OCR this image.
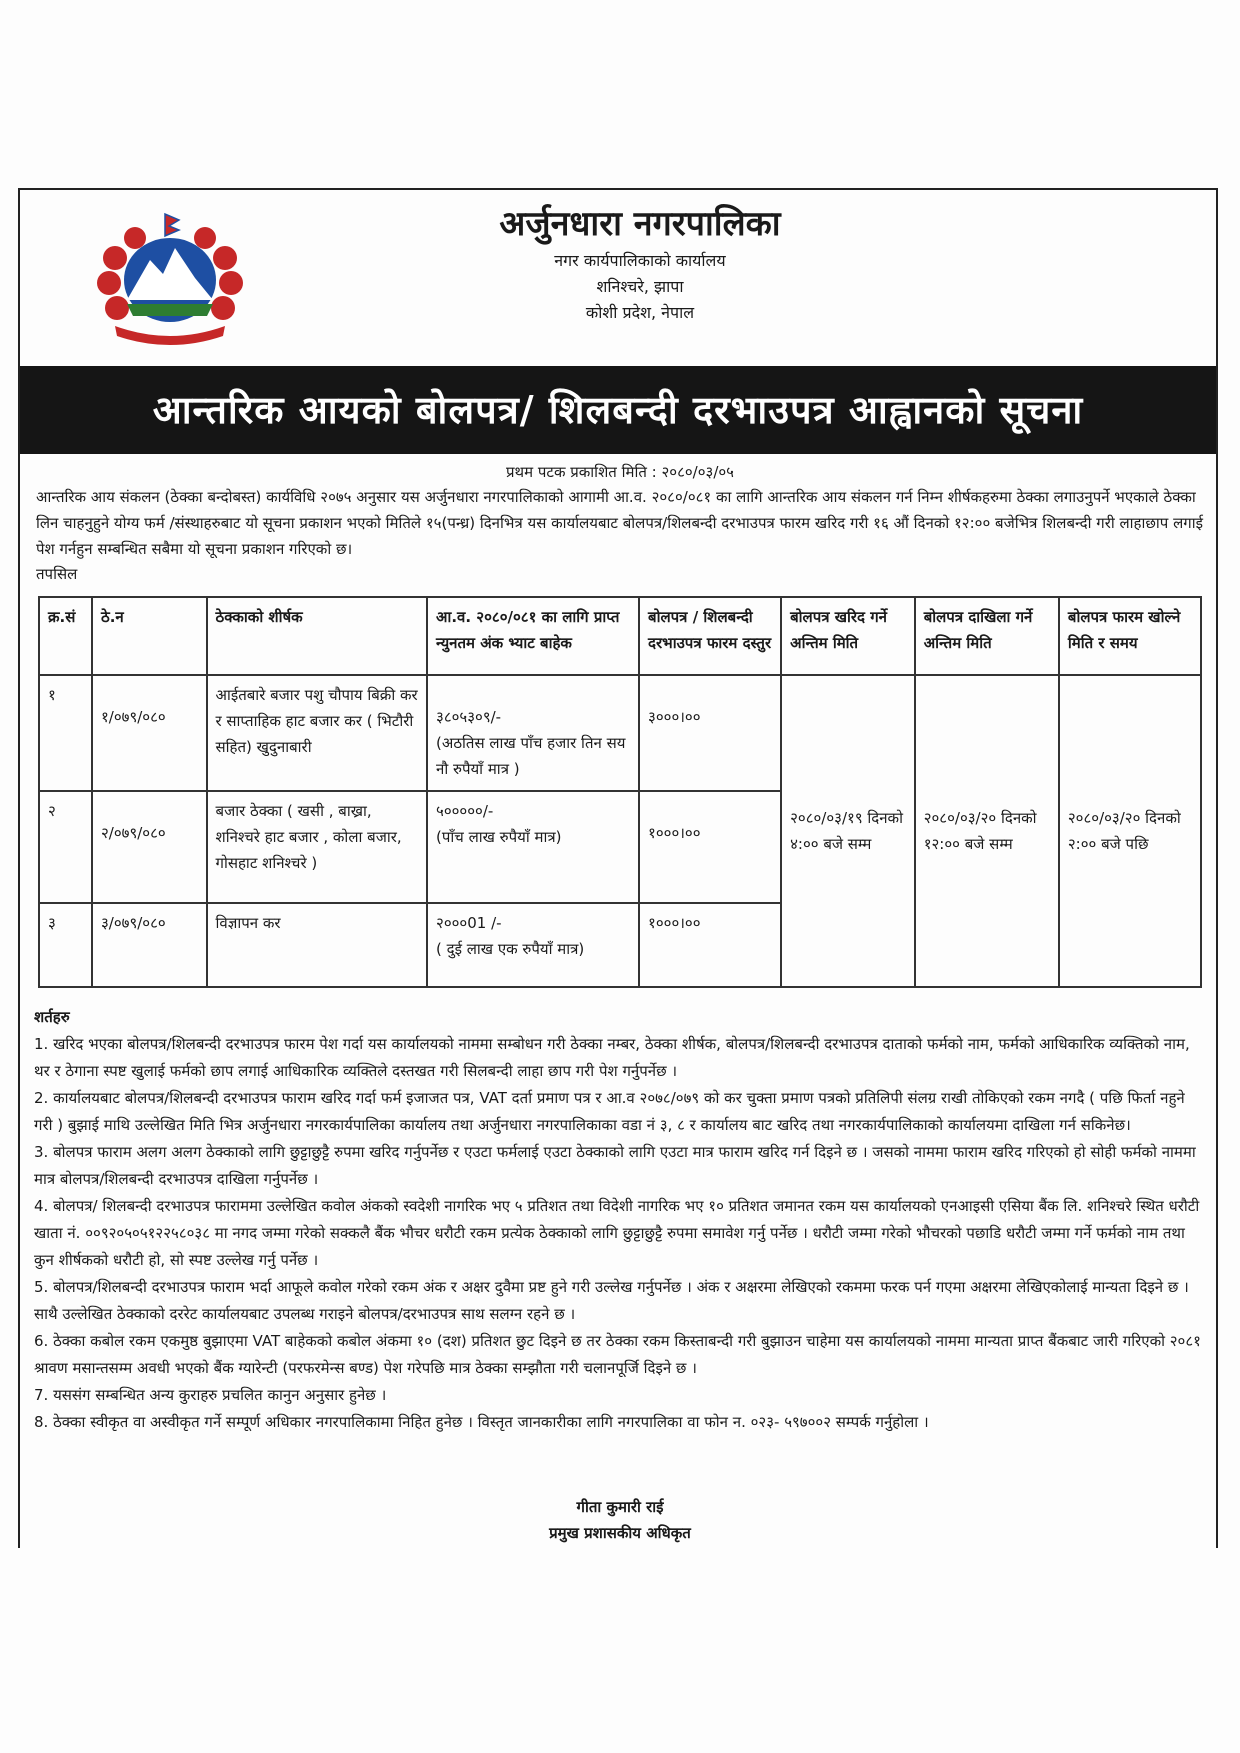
अर्जुनधारा नगरपालिका
नगर कार्यपालिकाको कार्यालय
शनिश्चरे, झापा
कोशी प्रदेश, नेपाल
आन्तरिक आयको बोलपत्र/ शिलबन्दी दरभाउपत्र आह्वानको सूचना
प्रथम पटक प्रकाशित मिति : २०८०/०३/०५
आन्तरिक आय संकलन (ठेक्का बन्दोबस्त) कार्यविधि २०७५ अनुसार यस अर्जुनधारा नगरपालिकाको आगामी आ.व. २०८०/०८१ का लागि आन्तरिक आय संकलन गर्न निम्न शीर्षकहरुमा ठेक्का लगाउनुपर्ने भएकाले ठेक्का लिन चाहनुहुने योग्य फर्म /संस्थाहरुबाट यो सूचना प्रकाशन भएको मितिले १५(पन्ध्र) दिनभित्र यस कार्यालयबाट बोलपत्र/शिलबन्दी दरभाउपत्र फारम खरिद गरी १६ औं दिनको १२:०० बजेभित्र शिलबन्दी गरी लाहाछाप लगाई पेश गर्नहुन सम्बन्धित सबैमा यो सूचना प्रकाशन गरिएको छ।
तपसिल
क्र.सं	ठे.न	ठेक्काको शीर्षक	आ.व. २०८०/०८१ का लागि प्राप्त न्युनतम अंक भ्याट बाहेक	बोलपत्र / शिलबन्दी दरभाउपत्र फारम दस्तुर	बोलपत्र खरिद गर्ने अन्तिम मिति	बोलपत्र दाखिला गर्ने अन्तिम मिति	बोलपत्र फारम खोल्ने मिति र समय
१	१/०७९/०८०	आईतबारे बजार पशु चौपाय बिक्री कर र साप्ताहिक हाट बजार कर ( भिटौरी सहित) खुदुनाबारी	३८०५३०९/-
(अठतिस लाख पाँच हजार तिन सय नौ रुपैयाँ मात्र )	३०००।००	२०८०/०३/१९ दिनको ४:०० बजे सम्म	२०८०/०३/२० दिनको १२:०० बजे सम्म	२०८०/०३/२० दिनको २:०० बजे पछि
२	२/०७९/०८०	बजार ठेक्का ( खसी , बाख्रा, शनिश्चरे हाट बजार , कोला बजार, गोसहाट शनिश्चरे )	५०००००/-
(पाँच लाख रुपैयाँ मात्र)	१०००।००			

३	३/०७९/०८०	विज्ञापन कर	२०००01 /-
( दुई लाख एक रुपैयाँ मात्र)	१०००।००			
शर्तहरु

1. खरिद भएका बोलपत्र/शिलबन्दी दरभाउपत्र फारम पेश गर्दा यस कार्यालयको नाममा सम्बोधन गरी ठेक्का नम्बर, ठेक्का शीर्षक, बोलपत्र/शिलबन्दी दरभाउपत्र दाताको फर्मको नाम, फर्मको आधिकारिक व्यक्तिको नाम, थर र ठेगाना स्पष्ट खुलाई फर्मको छाप लगाई आधिकारिक व्यक्तिले दस्तखत गरी सिलबन्दी लाहा छाप गरी पेश गर्नुपर्नेछ ।

2. कार्यालयबाट बोलपत्र/शिलबन्दी दरभाउपत्र फाराम खरिद गर्दा फर्म इजाजत पत्र, VAT दर्ता प्रमाण पत्र र आ.व २०७८/०७९ को कर चुक्ता प्रमाण पत्रको प्रतिलिपी संलग्र राखी तोकिएको रकम नगदै ( पछि फिर्ता नहुने गरी ) बुझाई माथि उल्लेखित मिति भित्र अर्जुनधारा नगरकार्यपालिका कार्यालय तथा अर्जुनधारा नगरपालिकाका वडा नं ३, ८ र कार्यालय बाट खरिद तथा नगरकार्यपालिकाको कार्यालयमा दाखिला गर्न सकिनेछ।

3. बोलपत्र फाराम अलग अलग ठेक्काको लागि छुट्टाछुट्टै रुपमा खरिद गर्नुपर्नेछ र एउटा फर्मलाई एउटा ठेक्काको लागि एउटा मात्र फाराम खरिद गर्न दिइने छ । जसको नाममा फाराम खरिद गरिएको हो सोही फर्मको नाममा मात्र बोलपत्र/शिलबन्दी दरभाउपत्र दाखिला गर्नुपर्नेछ ।

4. बोलपत्र/ शिलबन्दी दरभाउपत्र फाराममा उल्लेखित कवोल अंकको स्वदेशी नागरिक भए ५ प्रतिशत तथा विदेशी नागरिक भए १० प्रतिशत जमानत रकम यस कार्यालयको एनआइसी एसिया बैंक लि. शनिश्चरे स्थित धरौटी खाता नं. ००९२०५०५१२२५८०३८ मा नगद जम्मा गरेको सक्कलै बैंक भौचर धरौटी रकम प्रत्येक ठेक्काको लागि छुट्टाछुट्टै रुपमा समावेश गर्नु पर्नेछ । धरौटी जम्मा गरेको भौचरको पछाडि धरौटी जम्मा गर्ने फर्मको नाम तथा कुन शीर्षकको धरौटी हो, सो स्पष्ट उल्लेख गर्नु पर्नेछ ।

5. बोलपत्र/शिलबन्दी दरभाउपत्र फाराम भर्दा आफूले कवोल गरेको रकम अंक र अक्षर दुवैमा प्रष्ट हुने गरी उल्लेख गर्नुपर्नेछ । अंक र अक्षरमा लेखिएको रकममा फरक पर्न गएमा अक्षरमा लेखिएकोलाई मान्यता दिइने छ ।साथै उल्लेखित ठेक्काको दररेट कार्यालयबाट उपलब्ध गराइने बोलपत्र/दरभाउपत्र साथ सलग्न रहने छ ।

6. ठेक्का कबोल रकम एकमुष्ठ बुझाएमा VAT बाहेकको कबोल अंकमा १० (दश) प्रतिशत छुट दिइने छ तर ठेक्का रकम किस्ताबन्दी गरी बुझाउन चाहेमा यस कार्यालयको नाममा मान्यता प्राप्त बैंकबाट जारी गरिएको २०८१ श्रावण मसान्तसम्म अवधी भएको बैंक ग्यारेन्टी (परफरमेन्स बण्ड) पेश गरेपछि मात्र ठेक्का सम्झौता गरी चलानपूर्जि दिइने छ ।

7. यससंग सम्बन्धित अन्य कुराहरु प्रचलित कानुन अनुसार हुनेछ ।

8. ठेक्का स्वीकृत वा अस्वीकृत गर्ने सम्पूर्ण अधिकार नगरपालिकामा निहित हुनेछ । विस्तृत जानकारीका लागि नगरपालिका वा फोन न. ०२३- ५९७००२ सम्पर्क गर्नुहोला ।

गीता कुमारी राई
प्रमुख प्रशासकीय अधिकृत
